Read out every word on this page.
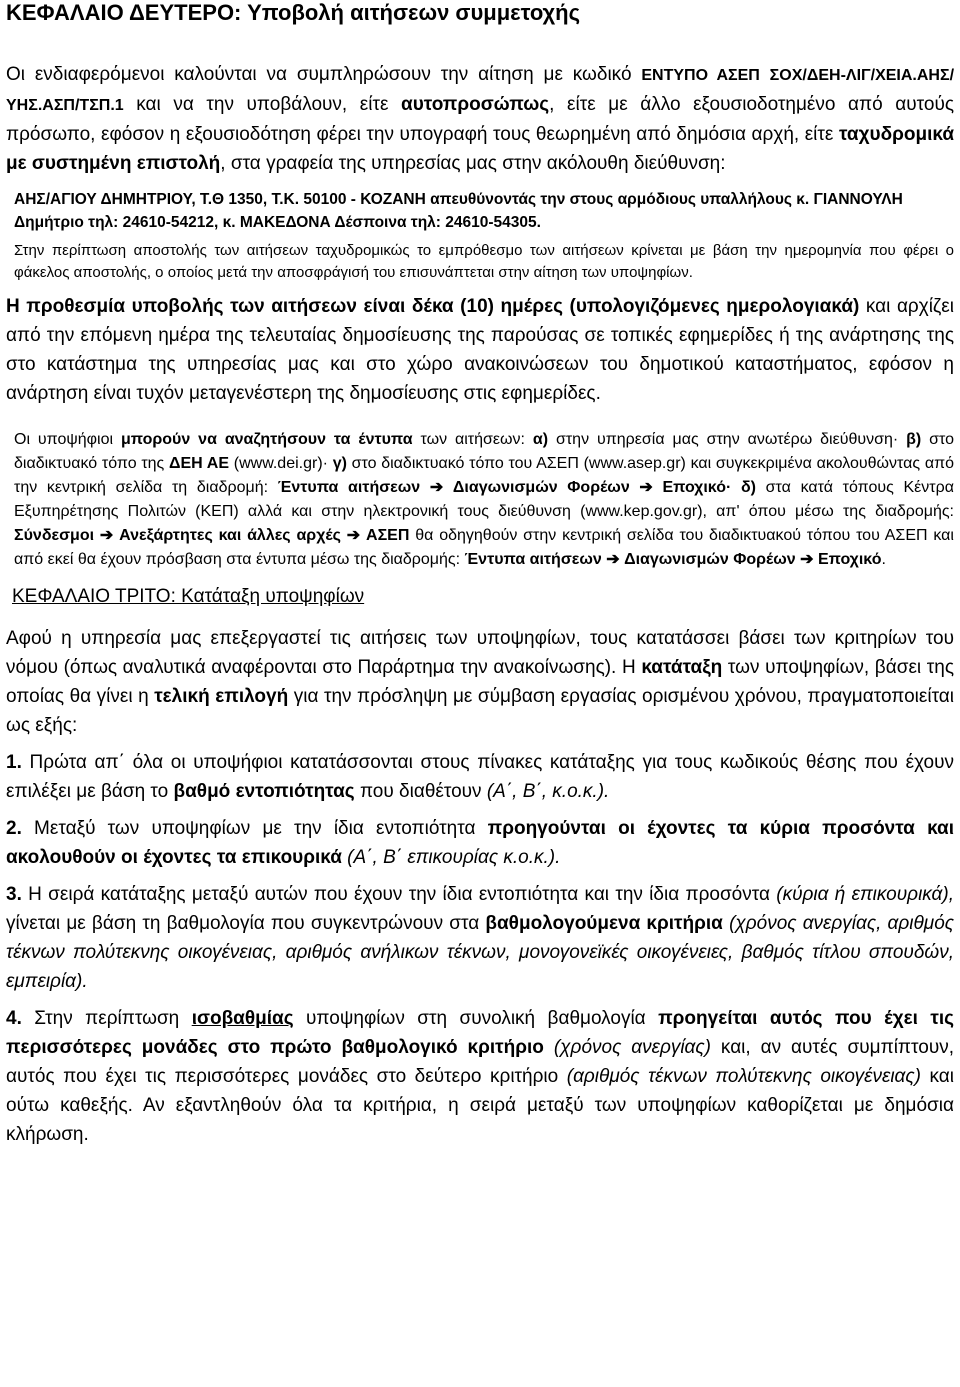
ΚΕΦΑΛΑΙΟ ΔΕΥΤΕΡΟ: Υποβολή αιτήσεων συμμετοχής

Οι ενδιαφερόμενοι καλούνται να συμπληρώσουν την αίτηση με κωδικό ΕΝΤΥΠΟ ΑΣΕΠ ΣΟΧ/ΔΕΗ-ΛΙΓ/ΧΕΙΑ.ΑΗΣ/ΥΗΣ.ΑΣΠ/ΤΣΠ.1 και να την υποβάλουν, είτε αυτοπροσώπως, είτε με άλλο εξουσιοδοτημένο από αυτούς πρόσωπο, εφόσον η εξουσιοδότηση φέρει την υπογραφή τους θεωρημένη από δημόσια αρχή, είτε ταχυδρομικά με συστημένη επιστολή, στα γραφεία της υπηρεσίας μας στην ακόλουθη διεύθυνση:

ΑΗΣ/ΑΓΙΟΥ ΔΗΜΗΤΡΙΟΥ, Τ.Θ 1350, Τ.Κ. 50100 - ΚΟΖΑΝΗ απευθύνοντάς την στους αρμόδιους υπαλλήλους κ. ΓΙΑΝΝΟΥΛΗ Δημήτριο τηλ: 24610-54212, κ. ΜΑΚΕΔΟΝΑ Δέσποινα τηλ: 24610-54305.

Στην περίπτωση αποστολής των αιτήσεων ταχυδρομικώς το εμπρόθεσμο των αιτήσεων κρίνεται με βάση την ημερομηνία που φέρει ο φάκελος αποστολής, ο οποίος μετά την αποσφράγισή του επισυνάπτεται στην αίτηση των υποψηφίων.

Η προθεσμία υποβολής των αιτήσεων είναι δέκα (10) ημέρες (υπολογιζόμενες ημερολογιακά) και αρχίζει από την επόμενη ημέρα της τελευταίας δημοσίευσης της παρούσας σε τοπικές εφημερίδες ή της ανάρτησης της στο κατάστημα της υπηρεσίας μας και στο χώρο ανακοινώσεων του δημοτικού καταστήματος, εφόσον η ανάρτηση είναι τυχόν μεταγενέστερη της δημοσίευσης στις εφημερίδες.

Οι υποψήφιοι μπορούν να αναζητήσουν τα έντυπα των αιτήσεων: α) στην υπηρεσία μας στην ανωτέρω διεύθυνση· β) στο διαδικτυακό τόπο της ΔΕΗ ΑΕ (www.dei.gr)· γ) στο διαδικτυακό τόπο του ΑΣΕΠ (www.asep.gr) και συγκεκριμένα ακολουθώντας από την κεντρική σελίδα τη διαδρομή: Έντυπα αιτήσεων ➔ Διαγωνισμών Φορέων ➔ Εποχικό· δ) στα κατά τόπους Κέντρα Εξυπηρέτησης Πολιτών (ΚΕΠ) αλλά και στην ηλεκτρονική τους διεύθυνση (www.kep.gov.gr), απ' όπου μέσω της διαδρομής: Σύνδεσμοι ➔ Ανεξάρτητες και άλλες αρχές ➔ ΑΣΕΠ θα οδηγηθούν στην κεντρική σελίδα του διαδικτυακού τόπου του ΑΣΕΠ και από εκεί θα έχουν πρόσβαση στα έντυπα μέσω της διαδρομής: Έντυπα αιτήσεων ➔ Διαγωνισμών Φορέων ➔ Εποχικό.

ΚΕΦΑΛΑΙΟ ΤΡΙΤΟ: Κατάταξη υποψηφίων

Αφού η υπηρεσία μας επεξεργαστεί τις αιτήσεις των υποψηφίων, τους κατατάσσει βάσει των κριτηρίων του νόμου (όπως αναλυτικά αναφέρονται στο Παράρτημα την ανακοίνωσης). Η κατάταξη των υποψηφίων, βάσει της οποίας θα γίνει η τελική επιλογή για την πρόσληψη με σύμβαση εργασίας ορισμένου χρόνου, πραγματοποιείται ως εξής:

1. Πρώτα απ΄ όλα οι υποψήφιοι κατατάσσονται στους πίνακες κατάταξης για τους κωδικούς θέσης που έχουν επιλέξει με βάση το βαθμό εντοπιότητας που διαθέτουν (Α΄, Β΄, κ.ο.κ.).

2. Μεταξύ των υποψηφίων με την ίδια εντοπιότητα προηγούνται οι έχοντες τα κύρια προσόντα και ακολουθούν οι έχοντες τα επικουρικά (Α΄, Β΄ επικουρίας κ.ο.κ.).

3. Η σειρά κατάταξης μεταξύ αυτών που έχουν την ίδια εντοπιότητα και την ίδια προσόντα (κύρια ή επικουρικά), γίνεται με βάση τη βαθμολογία που συγκεντρώνουν στα βαθμολογούμενα κριτήρια (χρόνος ανεργίας, αριθμός τέκνων πολύτεκνης οικογένειας, αριθμός ανήλικων τέκνων, μονογονεϊκές οικογένειες, βαθμός τίτλου σπουδών, εμπειρία).

4. Στην περίπτωση ισοβαθμίας υποψηφίων στη συνολική βαθμολογία προηγείται αυτός που έχει τις περισσότερες μονάδες στο πρώτο βαθμολογικό κριτήριο (χρόνος ανεργίας) και, αν αυτές συμπίπτουν, αυτός που έχει τις περισσότερες μονάδες στο δεύτερο κριτήριο (αριθμός τέκνων πολύτεκνης οικογένειας) και ούτω καθεξής. Αν εξαντληθούν όλα τα κριτήρια, η σειρά μεταξύ των υποψηφίων καθορίζεται με δημόσια κλήρωση.
